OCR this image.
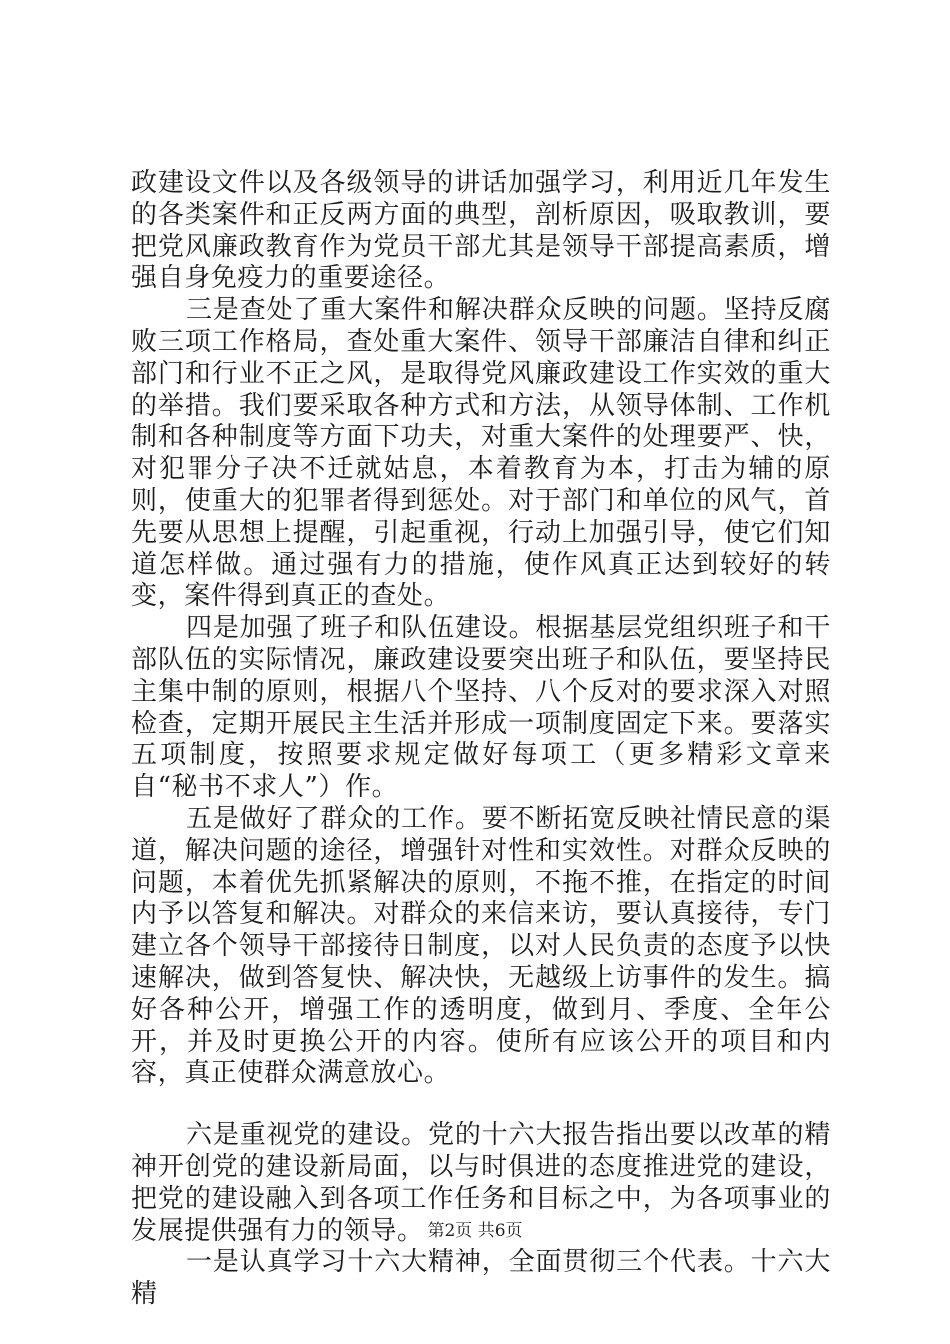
政建设文件以及各级领导的讲话加强学习，利用近几年发生的各类案件和正反两方面的典型，剖析原因，吸取教训，要把党风廉政教育作为党员干部尤其是领导干部提高素质，增强自身免疫力的重要途径。

三是查处了重大案件和解决群众反映的问题。坚持反腐败三项工作格局，查处重大案件、领导干部廉洁自律和纠正部门和行业不正之风，是取得党风廉政建设工作实效的重大的举措。我们要采取各种方式和方法，从领导体制、工作机制和各种制度等方面下功夫，对重大案件的处理要严、快，对犯罪分子决不迁就姑息，本着教育为本，打击为辅的原则，使重大的犯罪者得到惩处。对于部门和单位的风气，首先要从思想上提醒，引起重视，行动上加强引导，使它们知道怎样做。通过强有力的措施，使作风真正达到较好的转变，案件得到真正的查处。

四是加强了班子和队伍建设。根据基层党组织班子和干部队伍的实际情况，廉政建设要突出班子和队伍，要坚持民主集中制的原则，根据八个坚持、八个反对的要求深入对照检查，定期开展民主生活并形成一项制度固定下来。要落实五项制度，按照要求规定做好每项工（更多精彩文章来自“秘书不求人”）作。

五是做好了群众的工作。要不断拓宽反映社情民意的渠道，解决问题的途径，增强针对性和实效性。对群众反映的问题，本着优先抓紧解决的原则，不拖不推，在指定的时间内予以答复和解决。对群众的来信来访，要认真接待，专门建立各个领导干部接待日制度，以对人民负责的态度予以快速解决，做到答复快、解决快，无越级上访事件的发生。搞好各种公开，增强工作的透明度，做到月、季度、全年公开，并及时更换公开的内容。使所有应该公开的项目和内容，真正使群众满意放心。

六是重视党的建设。党的十六大报告指出要以改革的精神开创党的建设新局面，以与时俱进的态度推进党的建设，把党的建设融入到各项工作任务和目标之中，为各项事业的发展提供强有力的领导。

一是认真学习十六大精神，全面贯彻三个代表。十六大精

第2页 共6页
